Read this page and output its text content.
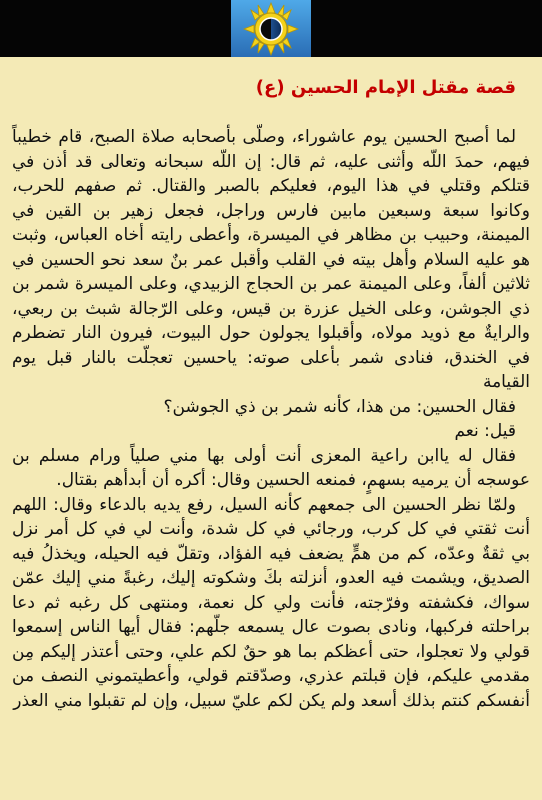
قصة مقتل الإمام الحسين (ع)

لما أصبح الحسين يوم عاشوراء، وصلّى بأصحابه صلاة الصبح، قام خطيباً فيهم، حمدَ اللّه وأثنى عليه، ثم قال: إن اللّه سبحانه وتعالى قد أذن في قتلكم وقتلي في هذا اليوم، فعليكم بالصبر والقتال. ثم صفهم للحرب، وكانوا سبعة وسبعين مابين فارس وراجل، فجعل زهير بن القين في الميمنة، وحبيب بن مظاهر في الميسرة، وأعطى رايته أخاه العباس، وثبت هو عليه السلام وأهل بيته في القلب وأقبل عمر بنٌ سعد نحو الحسين في ثلاثين ألفاً، وعلى الميمنة عمر بن الحجاج الزبيدي، وعلى الميسرة شمر بن ذي الجوشن، وعلى الخيل عزرة بن قيس، وعلى الرّجالة شبث بن ربعي، والرايةٌ مع ذويد مولاه، وأقبلوا يجولون حول البيوت، فيرون النار تضطرم في الخندق، فنادى شمر بأعلى صوته: ياحسين تعجلّت بالنار قبل يوم القيامة

فقال الحسين: من هذا، كأنه شمر بن ذي الجوشن؟

قيل: نعم

فقال له ياابن راعية المعزى أنت أولى بها مني صلياً ورام مسلم بن عوسجه أن يرميه بسهمٍ، فمنعه الحسين وقال: أكره أن أبدأهم بقتال.

ولمّا نظر الحسين الى جمعهم كأنه السيل، رفع يديه بالدعاء وقال: اللهم أنت ثقتي في كل كرب، ورجائي في كل شدة، وأنت لي في كل أمر نزل بي ثقةٌ وعدّه، كم من همٍّ يضعف فيه الفؤاد، وتقلّ فيه الحيله، ويخذلُ فيه الصديق، ويشمت فيه العدو، أنزلته بكَ وشكوته إليك، رغبةً مني إليك عمّن سواك، فكشفته وفرّجته، فأنت ولي كل نعمة، ومنتهى كل رغبه ثم دعا براحلته فركبها، ونادى بصوت عال يسمعه جلّهم: فقال أيها الناس إسمعوا قولي ولا تعجلوا، حتى أعظكم بما هو حقٌ لكم علي، وحتى أعتذر إليكم مِن مقدمي عليكم، فإن قبلتم عذري، وصدّقتم قولي، وأعطيتموني النصف من أنفسكم كنتم بذلك أسعد ولم يكن لكم عليّ سبيل، وإن لم تقبلوا مني العذر
